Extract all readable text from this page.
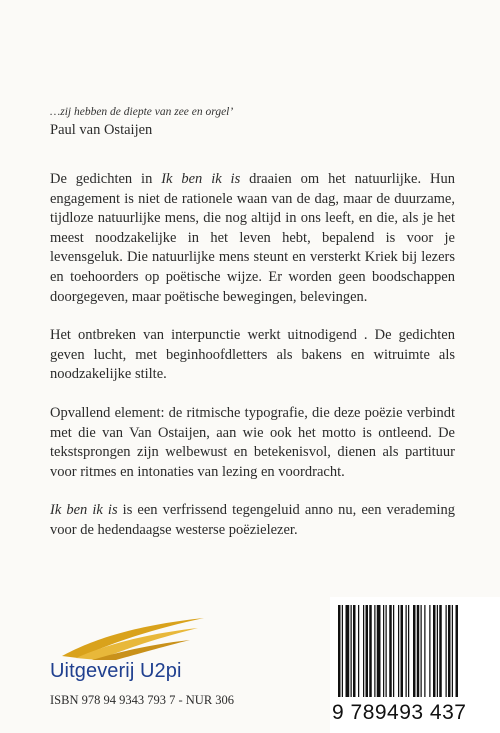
…zij hebben de diepte van zee en orgel’
Paul van Ostaijen

De gedichten in Ik ben ik is draaien om het natuurlijke. Hun engagement is niet de rationele waan van de dag, maar de duurzame, tijdloze natuurlijke mens, die nog altijd in ons leeft, en die, als je het meest noodzakelijke in het leven hebt, bepalend is voor je levensgeluk. Die natuurlijke mens steunt en versterkt Kriek bij lezers en toehoorders op poëtische wijze. Er worden geen boodschappen doorgegeven, maar poëtische bewegingen, belevingen.

Het ontbreken van interpunctie werkt uitnodigend . De gedichten geven lucht, met beginhoofdletters als bakens en witruimte als noodzakelijke stilte.

Opvallend element: de ritmische typografie, die deze poëzie verbindt met die van Van Ostaijen, aan wie ook het motto is ontleend. De tekstsprongen zijn welbewust en betekenisvol, dienen als partituur voor ritmes en intonaties van lezing en voordracht.

Ik ben ik is is een verfrissend tegengeluid anno nu, een verademing voor de hedendaagse westerse poëzielezer.

Uitgeverij U2pi
ISBN 978 94 9343 793 7 - NUR 306
9 789493 437
